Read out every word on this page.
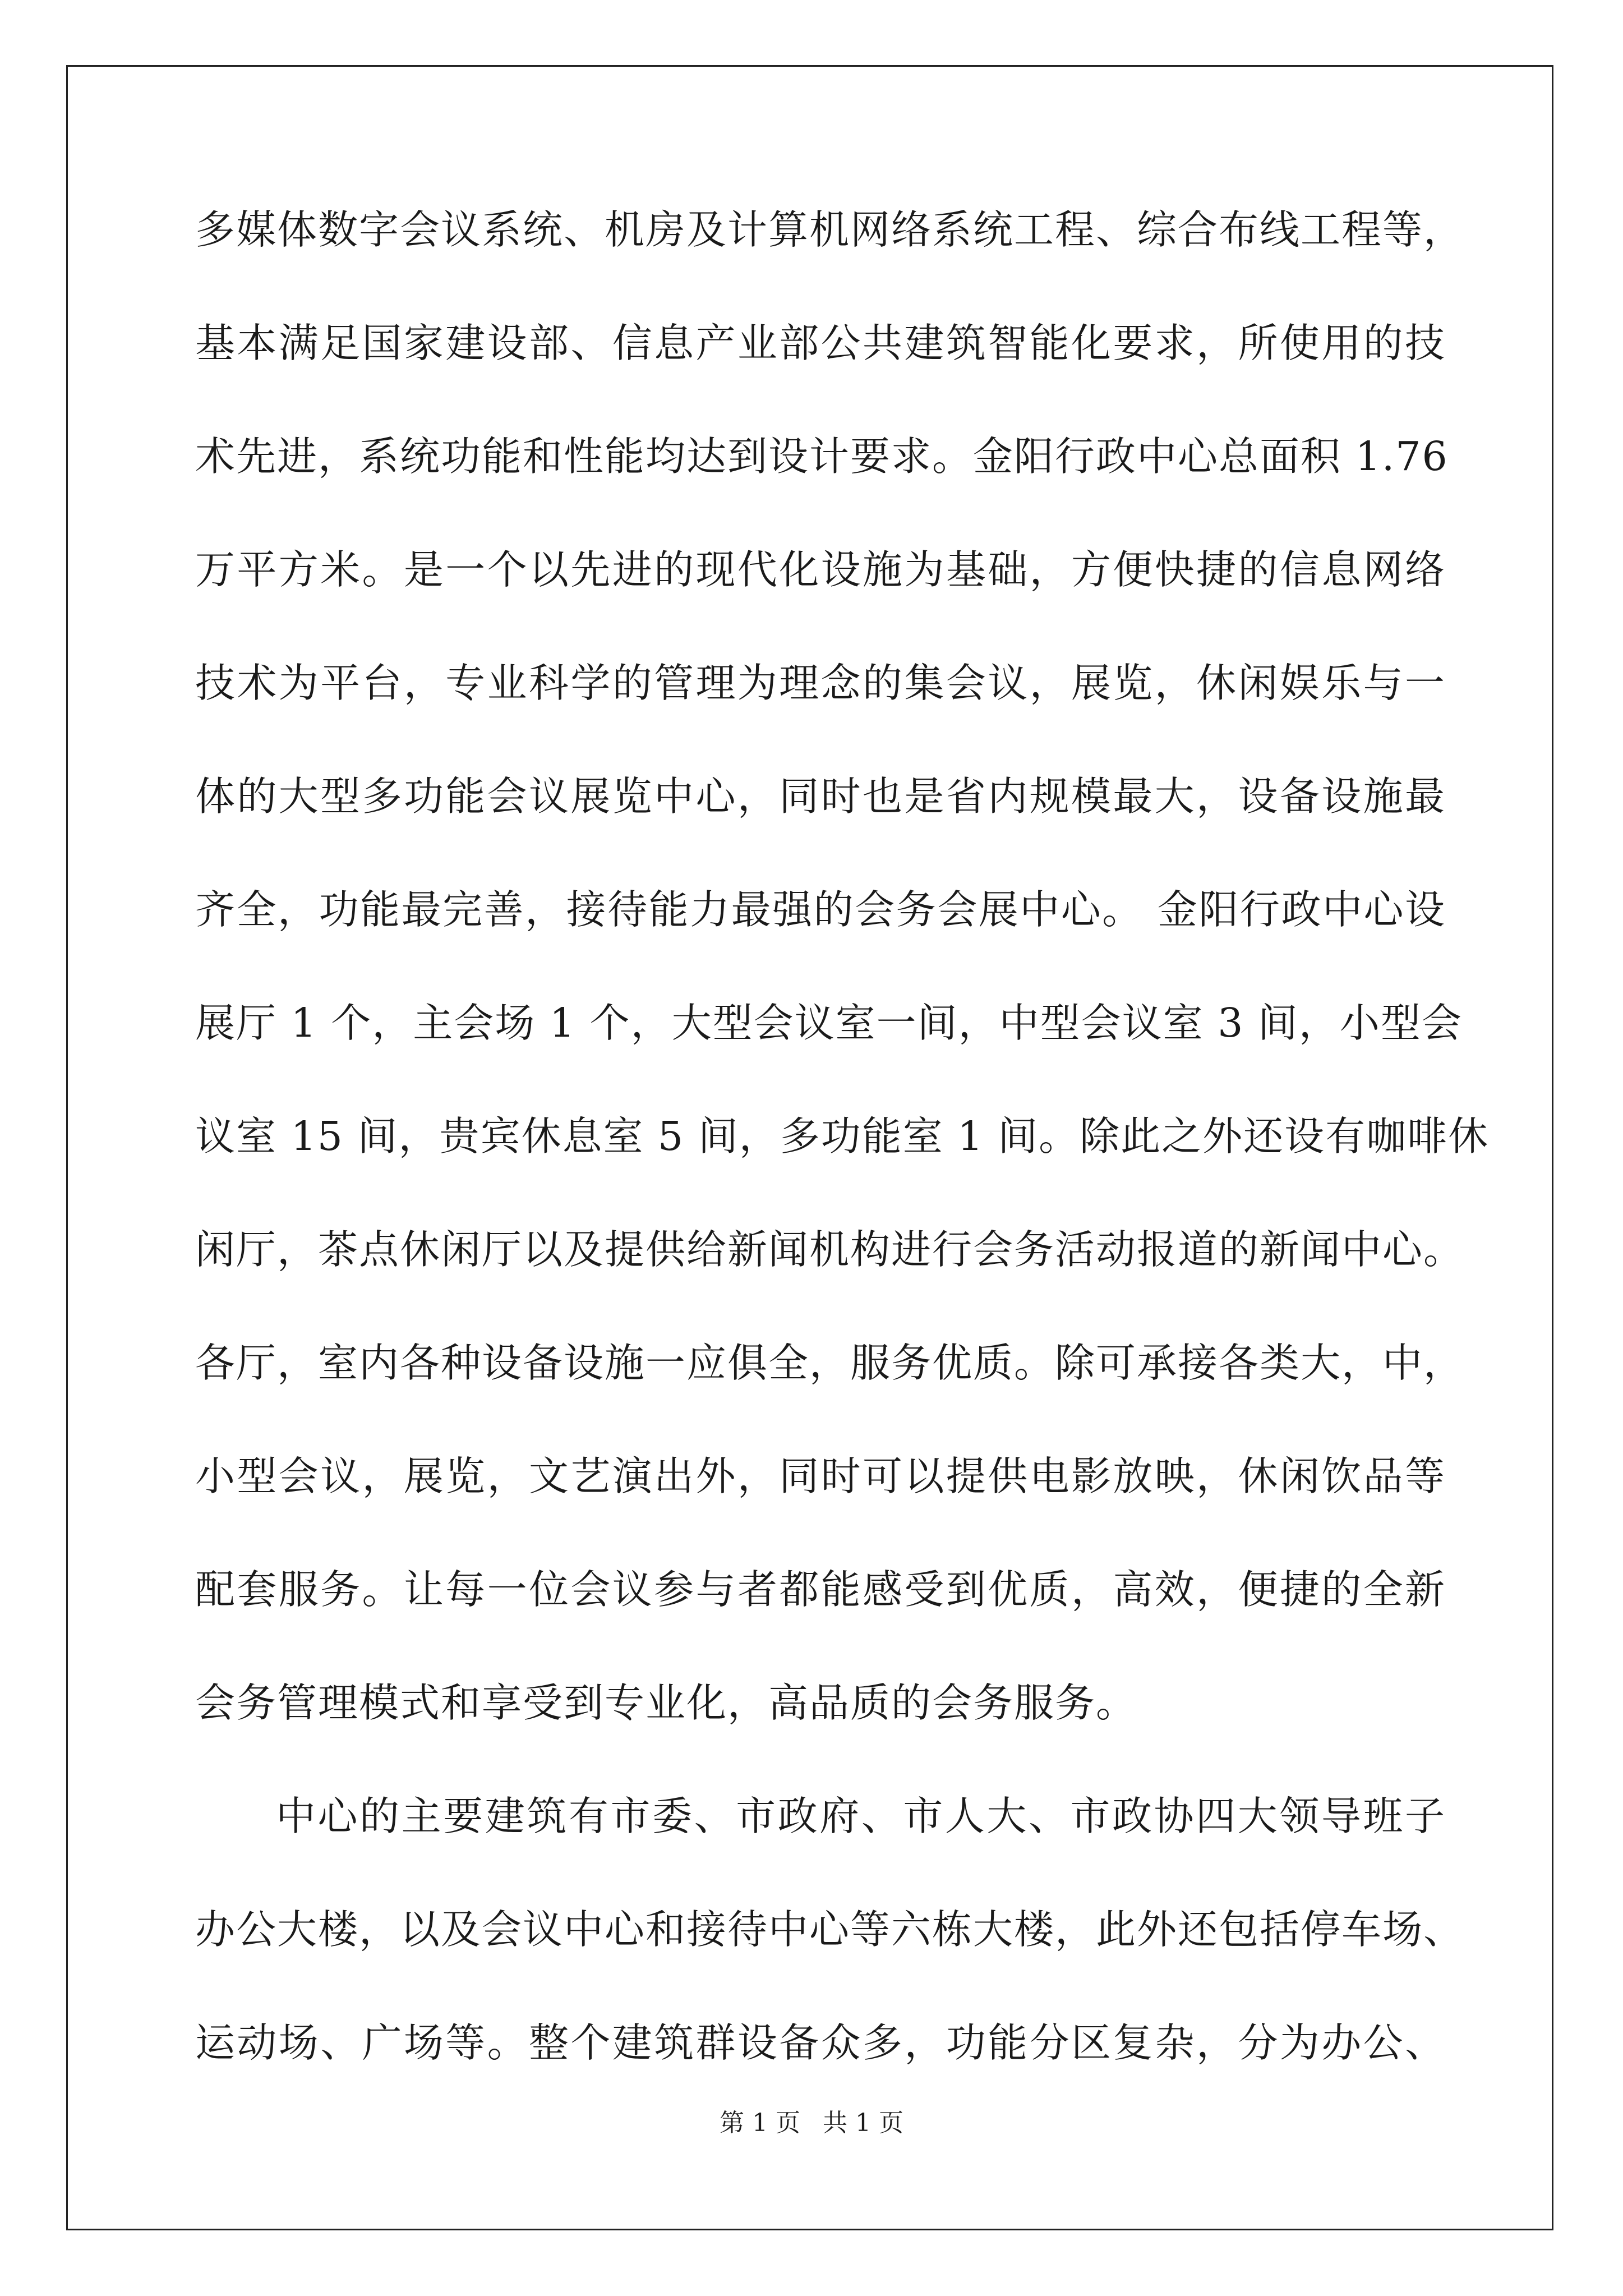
多媒体数字会议系统、机房及计算机网络系统工程、综合布线工程等，
基本满足国家建设部、信息产业部公共建筑智能化要求，所使用的技
术先进，系统功能和性能均达到设计要求。金阳行政中心总面积 1.76
万平方米。是一个以先进的现代化设施为基础，方便快捷的信息网络
技术为平台，专业科学的管理为理念的集会议，展览，休闲娱乐与一
体的大型多功能会议展览中心，同时也是省内规模最大，设备设施最
齐全，功能最完善，接待能力最强的会务会展中心。 金阳行政中心设
展厅 1 个，主会场 1 个，大型会议室一间，中型会议室 3 间，小型会
议室 15 间，贵宾休息室 5 间，多功能室 1 间。除此之外还设有咖啡休
闲厅，茶点休闲厅以及提供给新闻机构进行会务活动报道的新闻中心。
各厅，室内各种设备设施一应俱全，服务优质。除可承接各类大，中，
小型会议，展览，文艺演出外，同时可以提供电影放映，休闲饮品等
配套服务。让每一位会议参与者都能感受到优质，高效，便捷的全新
会务管理模式和享受到专业化，高品质的会务服务。
中心的主要建筑有市委、市政府、市人大、市政协四大领导班子
办公大楼，以及会议中心和接待中心等六栋大楼，此外还包括停车场、
运动场、广场等。整个建筑群设备众多，功能分区复杂，分为办公、
第 1 页 共 1 页
